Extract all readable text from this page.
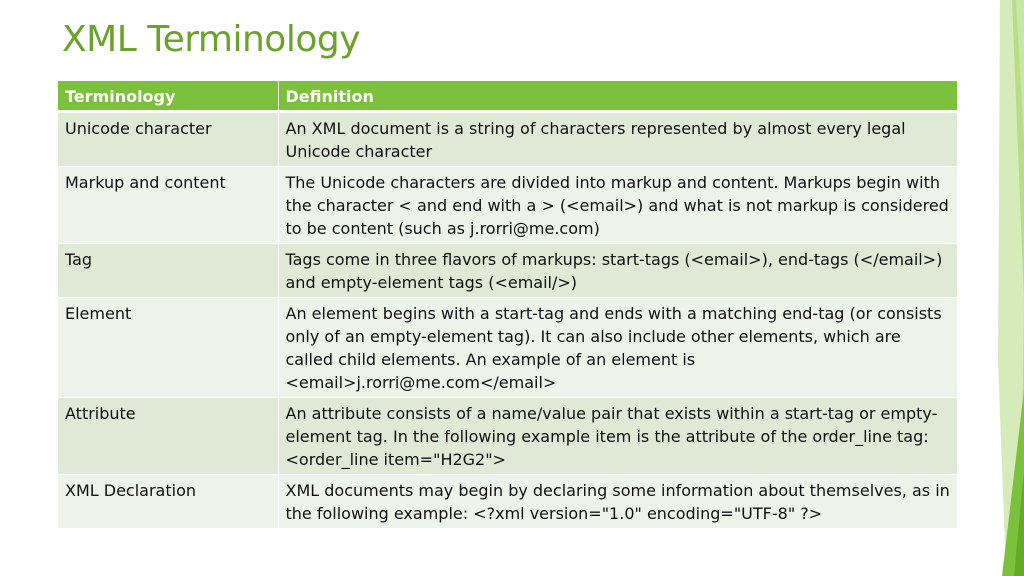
XML Terminology
Terminology	Definition
Unicode character	An XML document is a string of characters represented by almost every legal Unicode character
Markup and content	The Unicode characters are divided into markup and content. Markups begin with the character < and end with a > (<email>) and what is not markup is considered to be content (such as j.rorri@me.com)
Tag	Tags come in three flavors of markups: start-tags (<email>), end-tags (</email>) and empty-element tags (<email/>)
Element	An element begins with a start-tag and ends with a matching end-tag (or consists only of an empty-element tag). It can also include other elements, which are called child elements. An example of an element is <email>j.rorri@me.com</email>
Attribute	An attribute consists of a name/value pair that exists within a start-tag or empty-element tag. In the following example item is the attribute of the order_line tag: <order_line item="H2G2">
XML Declaration	XML documents may begin by declaring some information about themselves, as in the following example: <?xml version="1.0" encoding="UTF-8" ?>
